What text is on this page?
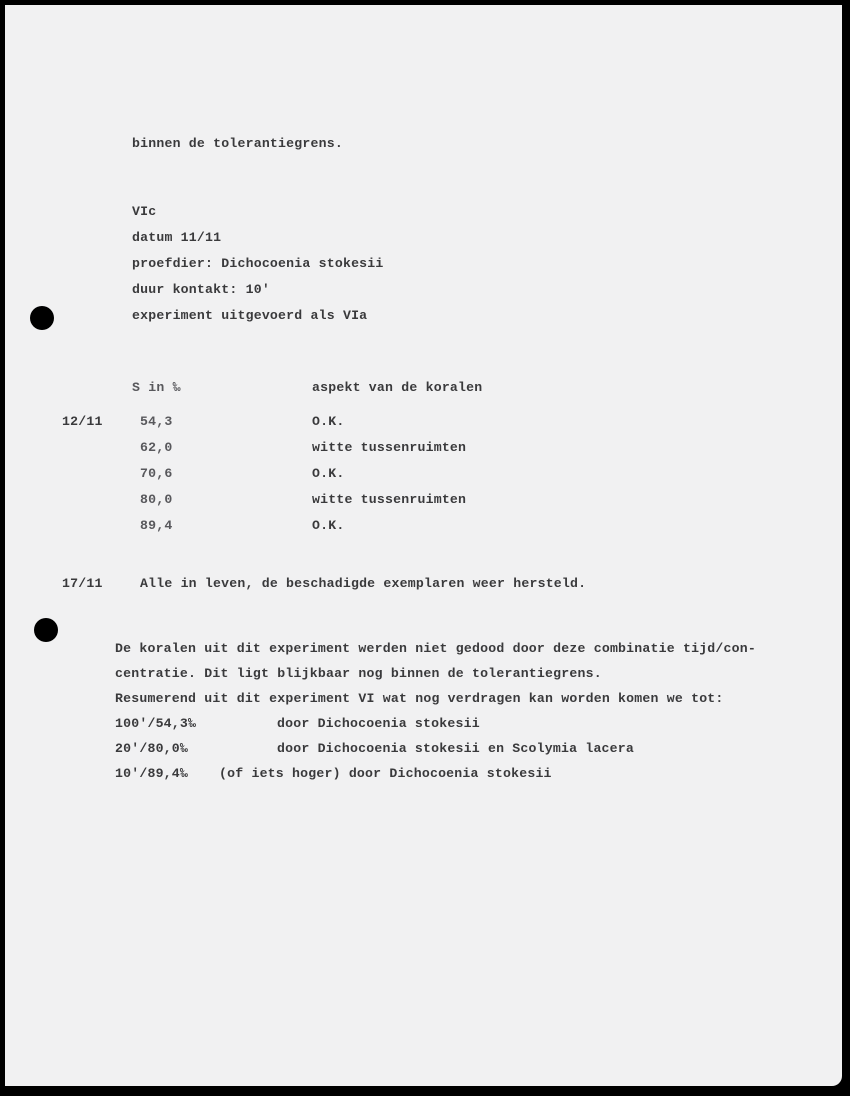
binnen de tolerantiegrens.
VIc
datum 11/11
proefdier: Dichocoenia stokesii
duur kontakt: 10'
experiment uitgevoerd als VIa
S in ‰	aspekt van de koralen
12/11	54,3	O.K.
62,0	witte tussenruimten
70,6	O.K.
80,0	witte tussenruimten
89,4	O.K.
17/11	Alle in leven, de beschadigde exemplaren weer hersteld.
De koralen uit dit experiment werden niet gedood door deze combinatie tijd/con-
centratie. Dit ligt blijkbaar nog binnen de tolerantiegrens.
Resumerend uit dit experiment VI wat nog verdragen kan worden komen we tot:
100'/54,3‰	door Dichocoenia stokesii
20'/80,0‰	door Dichocoenia stokesii en Scolymia lacera
10'/89,4‰ (of iets hoger) door Dichocoenia stokesii
